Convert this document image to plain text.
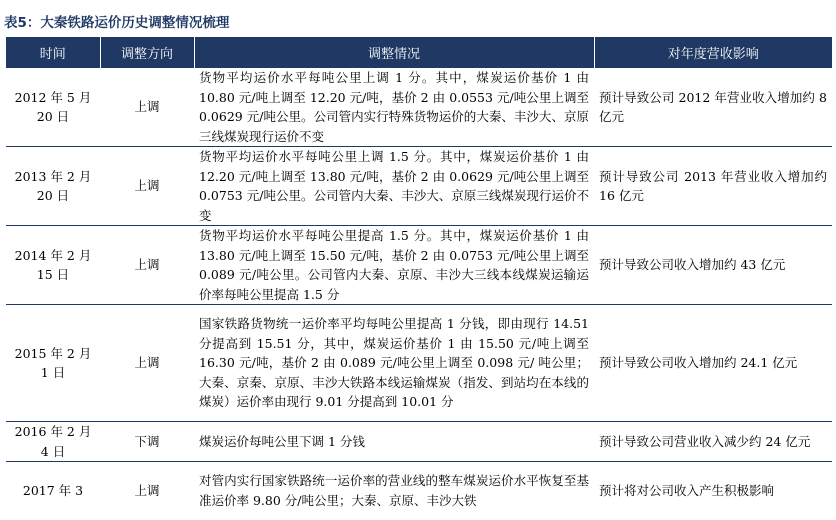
表5：大秦铁路运价历史调整情况梳理
时间	调整方向	调整情况	对年度营收影响
2012 年 5 月 20 日	上调	货物平均运价水平每吨公里上调 1 分。其中，煤炭运价基价 1 由 10.80 元/吨上调至 12.20 元/吨，基价 2 由 0.0553 元/吨公里上调至 0.0629 元/吨公里。公司管内实行特殊货物运价的大秦、丰沙大、京原三线煤炭现行运价不变	预计导致公司 2012 年营业收入增加约 8 亿元
2013 年 2 月 20 日	上调	货物平均运价水平每吨公里上调 1.5 分。其中，煤炭运价基价 1 由 12.20 元/吨上调至 13.80 元/吨，基价 2 由 0.0629 元/吨公里上调至 0.0753 元/吨公里。公司管内大秦、丰沙大、京原三线煤炭现行运价不变	预计导致公司 2013 年营业收入增加约 16 亿元
2014 年 2 月 15 日	上调	货物平均运价水平每吨公里提高 1.5 分。其中，煤炭运价基价 1 由 13.80 元/吨上调至 15.50 元/吨，基价 2 由 0.0753 元/吨公里上调至 0.089 元/吨公里。公司管内大秦、京原、丰沙大三线本线煤炭运输运价率每吨公里提高 1.5 分	预计导致公司收入增加约 43 亿元
2015 年 2 月 1 日	上调	国家铁路货物统一运价率平均每吨公里提高 1 分钱，即由现行 14.51 分提高到 15.51 分，其中，煤炭运价基价 1 由 15.50 元/吨上调至 16.30 元/吨，基价 2 由 0.089 元/吨公里上调至 0.098 元/ 吨公里；大秦、京秦、京原、丰沙大铁路本线运输煤炭（指发、到站均在本线的煤炭）运价率由现行 9.01 分提高到 10.01 分	预计导致公司收入增加约 24.1 亿元
2016 年 2 月 4 日	下调	煤炭运价每吨公里下调 1 分钱	预计导致公司营业收入减少约 24 亿元
2017 年 3	上调	对管内实行国家铁路统一运价率的营业线的整车煤炭运价水平恢复至基准运价率 9.80 分/吨公里；大秦、京原、丰沙大铁	预计将对公司收入产生积极影响
